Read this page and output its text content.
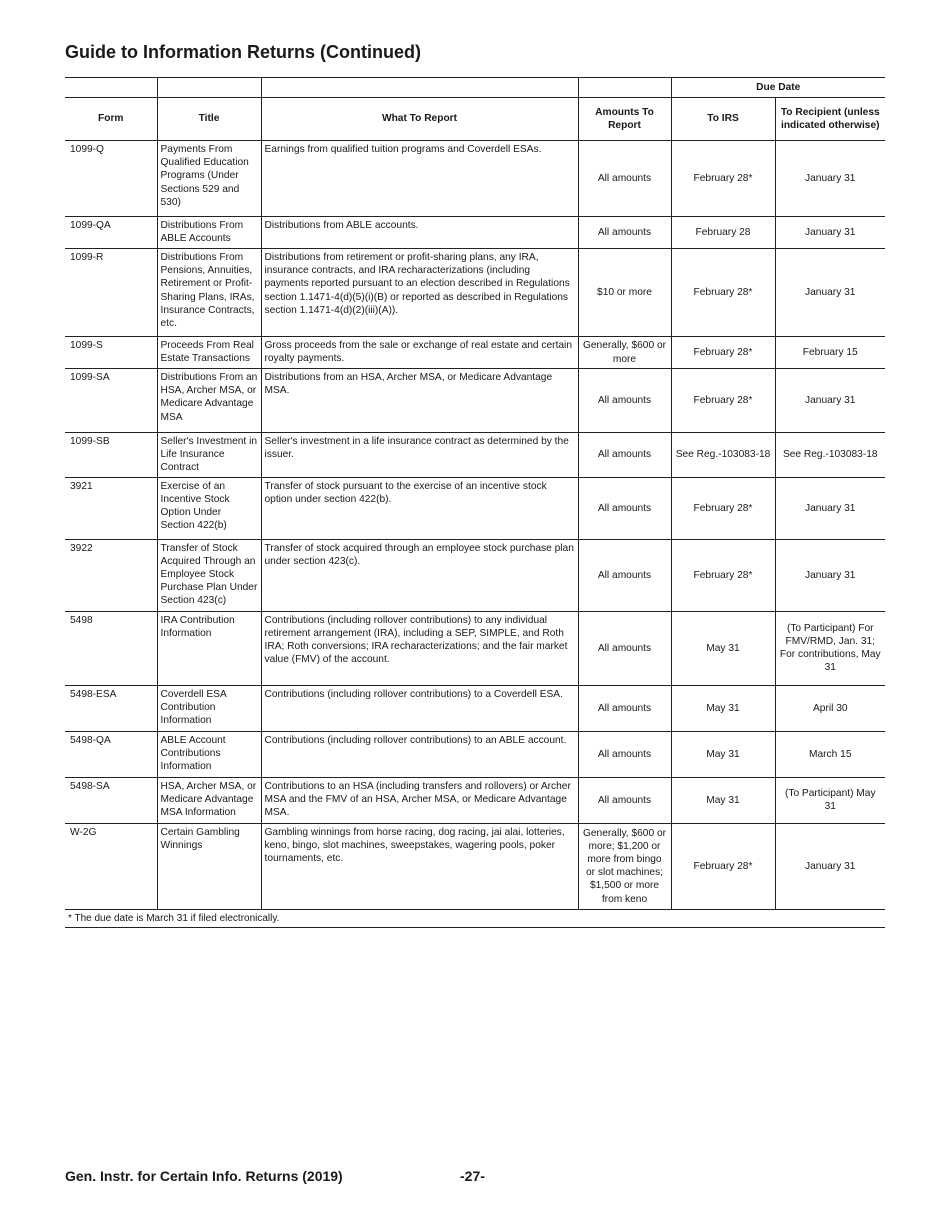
Guide to Information Returns (Continued)
				Due Date	
Form	Title	What To Report	Amounts To Report	To IRS	To Recipient (unless indicated otherwise)
1099-Q	Payments From Qualified Education Programs (Under Sections 529 and 530)	Earnings from qualified tuition programs and Coverdell ESAs.	All amounts	February 28*	January 31
1099-QA	Distributions From ABLE Accounts	Distributions from ABLE accounts.	All amounts	February 28	January 31
1099-R	Distributions From Pensions, Annuities, Retirement or Profit-Sharing Plans, IRAs, Insurance Contracts, etc.	Distributions from retirement or profit-sharing plans, any IRA, insurance contracts, and IRA recharacterizations (including payments reported pursuant to an election described in Regulations section 1.1471-4(d)(5)(i)(B) or reported as described in Regulations section 1.1471-4(d)(2)(iii)(A)).	$10 or more	February 28*	January 31
1099-S	Proceeds From Real Estate Transactions	Gross proceeds from the sale or exchange of real estate and certain royalty payments.	Generally, $600 or more	February 28*	February 15
1099-SA	Distributions From an HSA, Archer MSA, or Medicare Advantage MSA	Distributions from an HSA, Archer MSA, or Medicare Advantage MSA.	All amounts	February 28*	January 31
1099-SB	Seller's Investment in Life Insurance Contract	Seller's investment in a life insurance contract as determined by the issuer.	All amounts	See Reg.-103083-18	See Reg.-103083-18
3921	Exercise of an Incentive Stock Option Under Section 422(b)	Transfer of stock pursuant to the exercise of an incentive stock option under section 422(b).	All amounts	February 28*	January 31
3922	Transfer of Stock Acquired Through an Employee Stock Purchase Plan Under Section 423(c)	Transfer of stock acquired through an employee stock purchase plan under section 423(c).	All amounts	February 28*	January 31
5498	IRA Contribution Information	Contributions (including rollover contributions) to any individual retirement arrangement (IRA), including a SEP, SIMPLE, and Roth IRA; Roth conversions; IRA recharacterizations; and the fair market value (FMV) of the account.	All amounts	May 31	(To Participant) For FMV/RMD, Jan. 31; For contributions, May 31
5498-ESA	Coverdell ESA Contribution Information	Contributions (including rollover contributions) to a Coverdell ESA.	All amounts	May 31	April 30
5498-QA	ABLE Account Contributions Information	Contributions (including rollover contributions) to an ABLE account.	All amounts	May 31	March 15
5498-SA	HSA, Archer MSA, or Medicare Advantage MSA Information	Contributions to an HSA (including transfers and rollovers) or Archer MSA and the FMV of an HSA, Archer MSA, or Medicare Advantage MSA.	All amounts	May 31	(To Participant) May 31
W-2G	Certain Gambling Winnings	Gambling winnings from horse racing, dog racing, jai alai, lotteries, keno, bingo, slot machines, sweepstakes, wagering pools, poker tournaments, etc.	Generally, $600 or more; $1,200 or more from bingo or slot machines; $1,500 or more from keno	February 28*	January 31
* The due date is March 31 if filed electronically.					
Gen. Instr. for Certain Info. Returns (2019)	-27-
